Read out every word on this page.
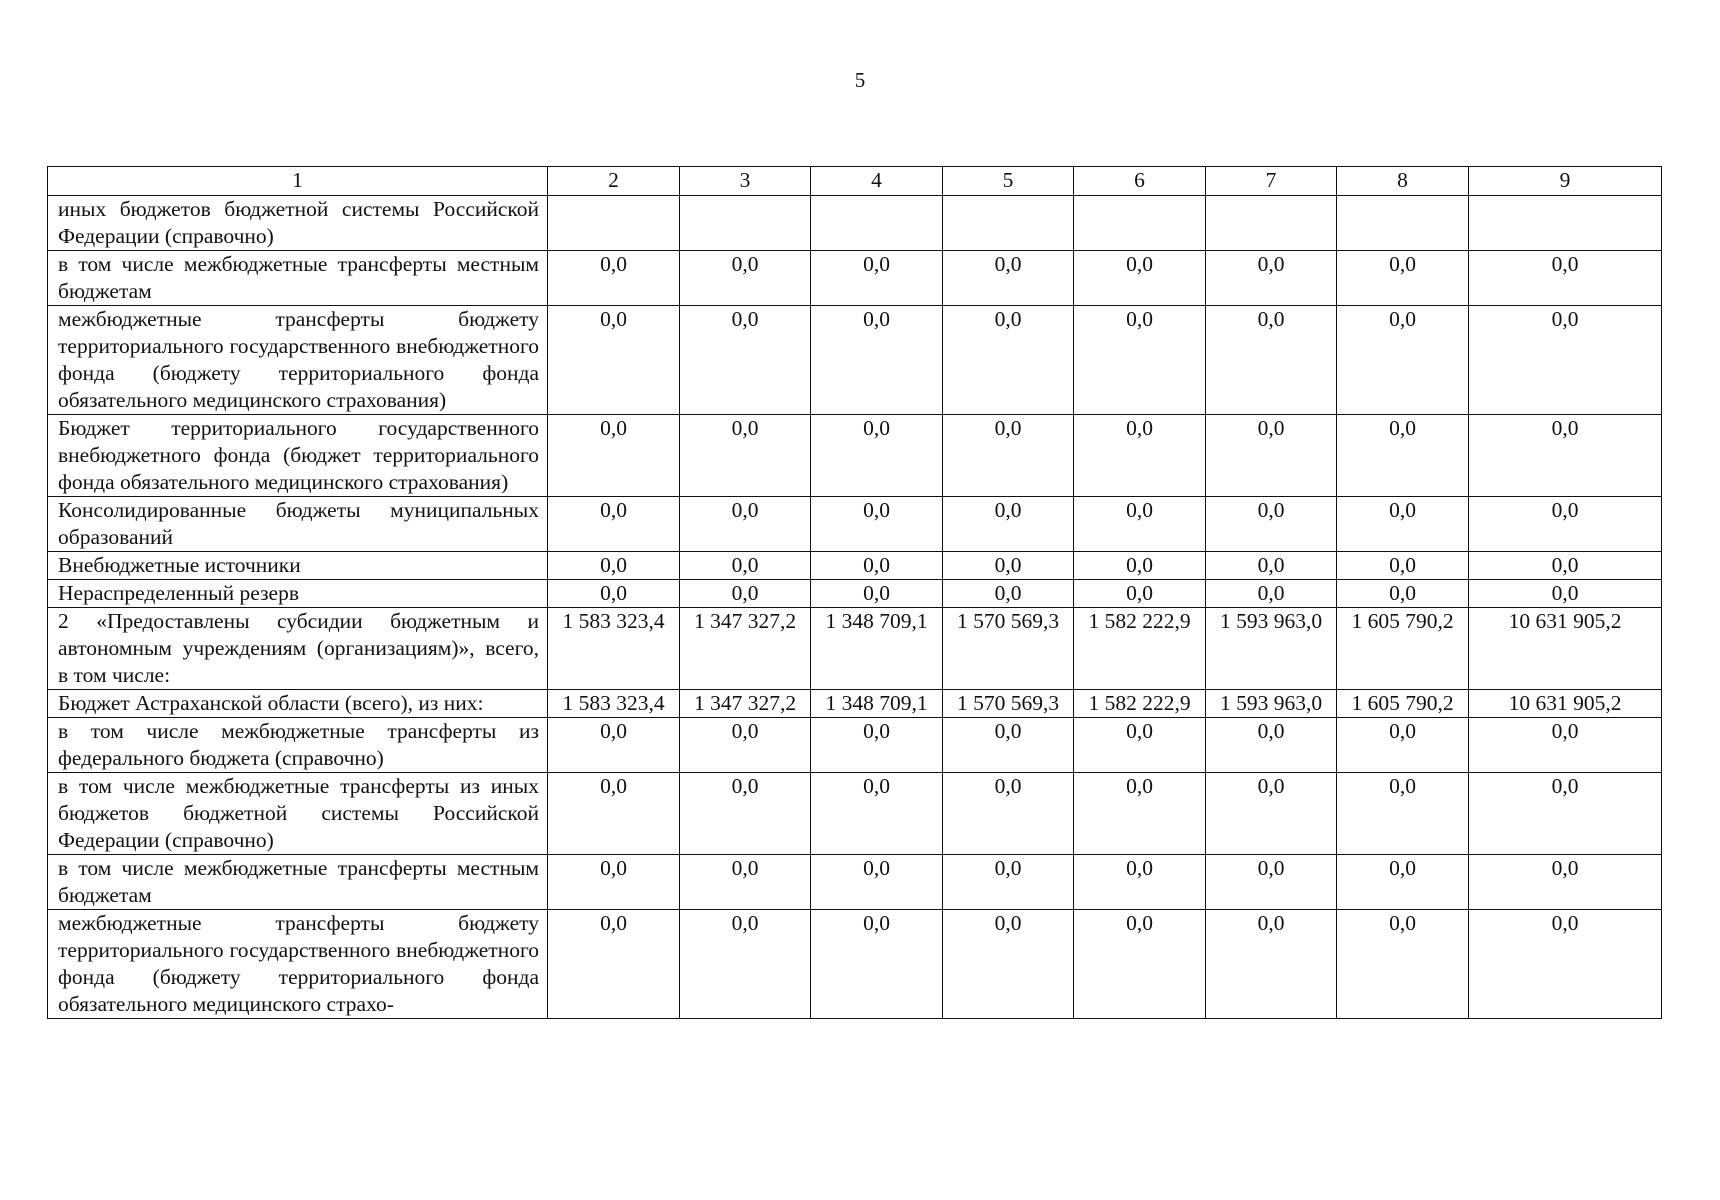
5
1	2	3	4	5	6	7	8	9
иных бюджетов бюджетной системы Российской Федерации (справочно)								
в том числе межбюджетные трансферты местным бюджетам	0,0	0,0	0,0	0,0	0,0	0,0	0,0	0,0
межбюджетные трансферты бюджету территориального государственного внебюджетного фонда (бюджету территориального фонда обязательного медицинского страхования)	0,0	0,0	0,0	0,0	0,0	0,0	0,0	0,0
Бюджет территориального государственного внебюджетного фонда (бюджет территориального фонда обязательного медицинского страхования)	0,0	0,0	0,0	0,0	0,0	0,0	0,0	0,0
Консолидированные бюджеты муниципальных образований	0,0	0,0	0,0	0,0	0,0	0,0	0,0	0,0
Внебюджетные источники	0,0	0,0	0,0	0,0	0,0	0,0	0,0	0,0
Нераспределенный резерв	0,0	0,0	0,0	0,0	0,0	0,0	0,0	0,0
2 «Предоставлены субсидии бюджетным и автономным учреждениям (организациям)», всего, в том числе:	1 583 323,4	1 347 327,2	1 348 709,1	1 570 569,3	1 582 222,9	1 593 963,0	1 605 790,2	10 631 905,2
Бюджет Астраханской области (всего), из них:	1 583 323,4	1 347 327,2	1 348 709,1	1 570 569,3	1 582 222,9	1 593 963,0	1 605 790,2	10 631 905,2
в том числе межбюджетные трансферты из федерального бюджета (справочно)	0,0	0,0	0,0	0,0	0,0	0,0	0,0	0,0
в том числе межбюджетные трансферты из иных бюджетов бюджетной системы Российской Федерации (справочно)	0,0	0,0	0,0	0,0	0,0	0,0	0,0	0,0
в том числе межбюджетные трансферты местным бюджетам	0,0	0,0	0,0	0,0	0,0	0,0	0,0	0,0
межбюджетные трансферты бюджету территориального государственного внебюджетного фонда (бюджету территориального фонда обязательного медицинского страхо-	0,0	0,0	0,0	0,0	0,0	0,0	0,0	0,0
